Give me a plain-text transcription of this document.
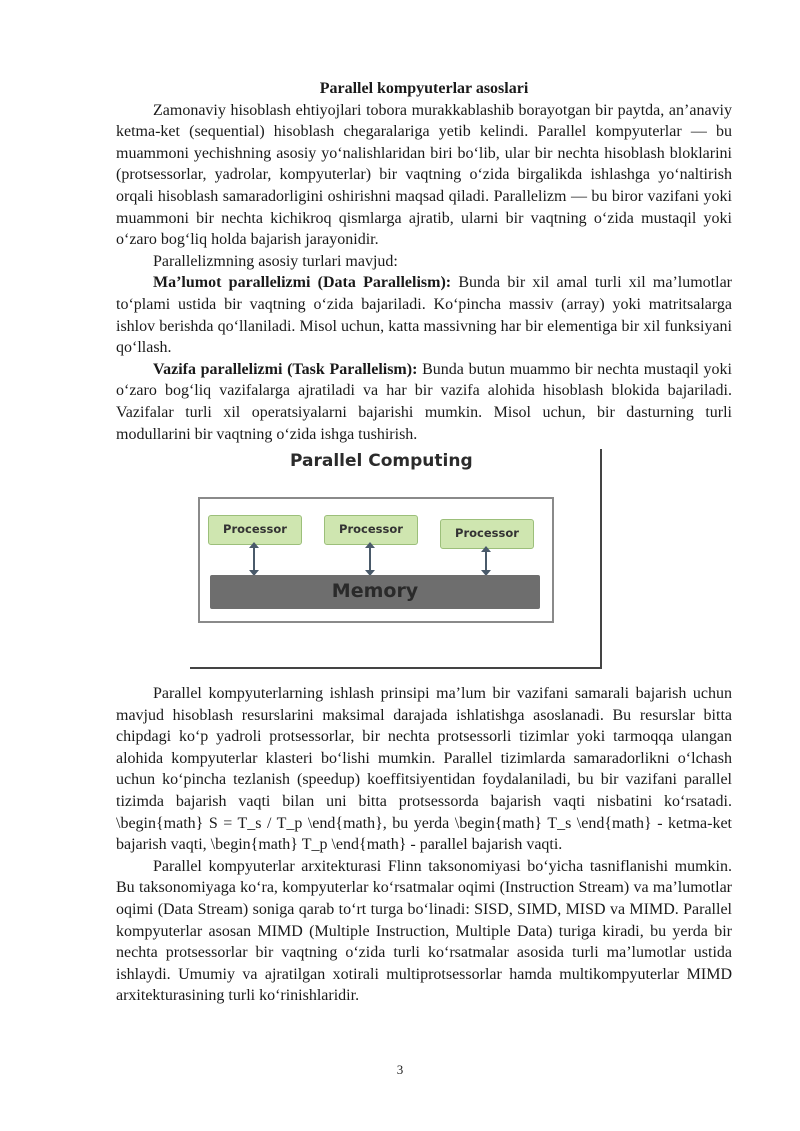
Parallel kompyuterlar asoslari

Zamonaviy hisoblash ehtiyojlari tobora murakkablashib borayotgan bir paytda, an’anaviy ketma-ket (sequential) hisoblash chegaralariga yetib kelindi. Parallel kompyuterlar — bu muammoni yechishning asosiy yo‘nalishlaridan biri bo‘lib, ular bir nechta hisoblash bloklarini (protsessorlar, yadrolar, kompyuterlar) bir vaqtning o‘zida birgalikda ishlashga yo‘naltirish orqali hisoblash samaradorligini oshirishni maqsad qiladi. Parallelizm — bu biror vazifani yoki muammoni bir nechta kichikroq qismlarga ajratib, ularni bir vaqtning o‘zida mustaqil yoki o‘zaro bog‘liq holda bajarish jarayonidir.

Parallelizmning asosiy turlari mavjud:

Ma’lumot parallelizmi (Data Parallelism): Bunda bir xil amal turli xil ma’lumotlar to‘plami ustida bir vaqtning o‘zida bajariladi. Ko‘pincha massiv (array) yoki matritsalarga ishlov berishda qo‘llaniladi. Misol uchun, katta massivning har bir elementiga bir xil funksiyani qo‘llash.

Vazifa parallelizmi (Task Parallelism): Bunda butun muammo bir nechta mustaqil yoki o‘zaro bog‘liq vazifalarga ajratiladi va har bir vazifa alohida hisoblash blokida bajariladi. Vazifalar turli xil operatsiyalarni bajarishi mumkin. Misol uchun, bir dasturning turli modullarini bir vaqtning o‘zida ishga tushirish.

Parallel Computing
Processor	Processor	Processor
Memory

Parallel kompyuterlarning ishlash prinsipi ma’lum bir vazifani samarali bajarish uchun mavjud hisoblash resurslarini maksimal darajada ishlatishga asoslanadi. Bu resurslar bitta chipdagi ko‘p yadroli protsessorlar, bir nechta protsessorli tizimlar yoki tarmoqqa ulangan alohida kompyuterlar klasteri bo‘lishi mumkin. Parallel tizimlarda samaradorlikni o‘lchash uchun ko‘pincha tezlanish (speedup) koeffitsiyentidan foydalaniladi, bu bir vazifani parallel tizimda bajarish vaqti bilan uni bitta protsessorda bajarish vaqti nisbatini ko‘rsatadi. \begin{math} S = T_s / T_p \end{math}, bu yerda \begin{math} T_s \end{math} - ketma-ket bajarish vaqti, \begin{math} T_p \end{math} - parallel bajarish vaqti.

Parallel kompyuterlar arxitekturasi Flinn taksonomiyasi bo‘yicha tasniflanishi mumkin. Bu taksonomiyaga ko‘ra, kompyuterlar ko‘rsatmalar oqimi (Instruction Stream) va ma’lumotlar oqimi (Data Stream) soniga qarab to‘rt turga bo‘linadi: SISD, SIMD, MISD va MIMD. Parallel kompyuterlar asosan MIMD (Multiple Instruction, Multiple Data) turiga kiradi, bu yerda bir nechta protsessorlar bir vaqtning o‘zida turli ko‘rsatmalar asosida turli ma’lumotlar ustida ishlaydi. Umumiy va ajratilgan xotirali multiprotsessorlar hamda multikompyuterlar MIMD arxitekturasining turli ko‘rinishlaridir.

3
